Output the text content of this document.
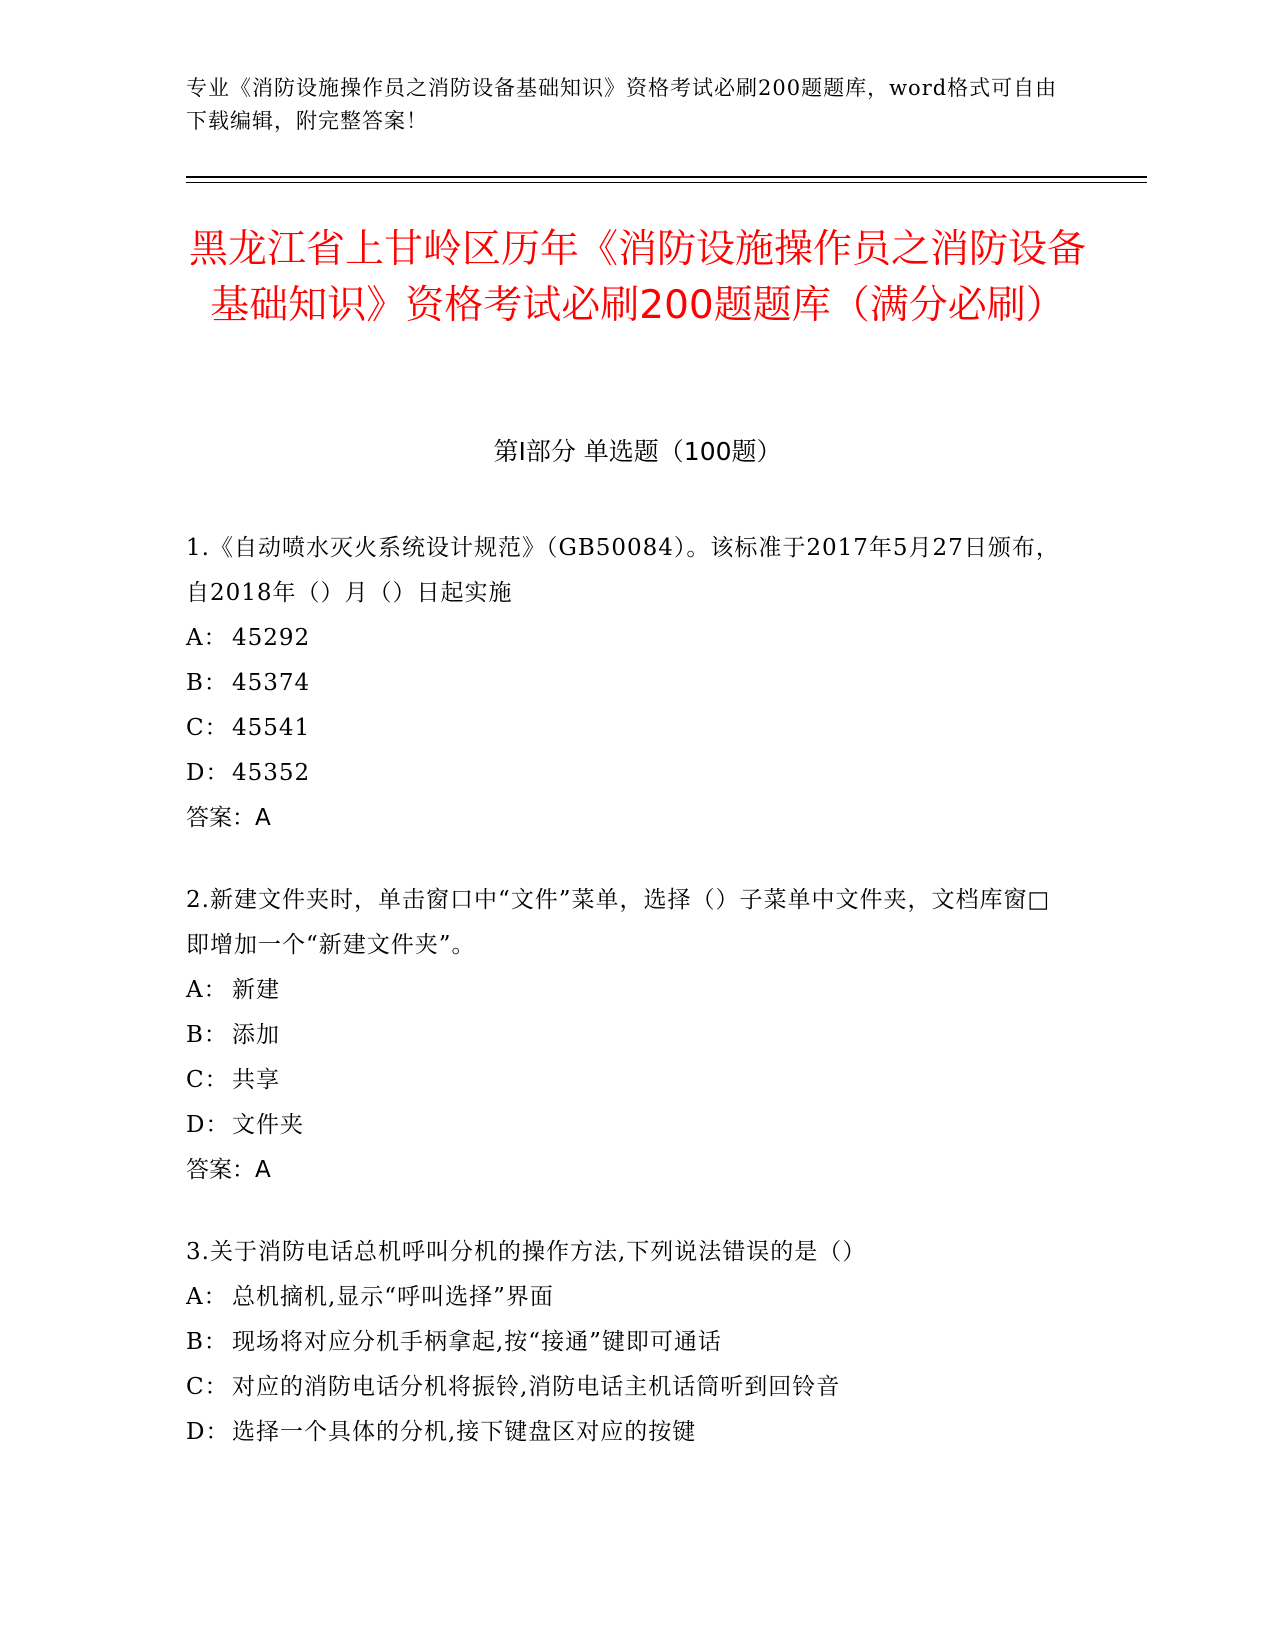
专业《消防设施操作员之消防设备基础知识》资格考试必刷200题题库，word格式可自由下载编辑，附完整答案！
黑龙江省上甘岭区历年《消防设施操作员之消防设备基础知识》资格考试必刷200题题库（满分必刷）
第Ⅰ部分 单选题（100题）

1.《自动喷水灭火系统设计规范》（GB50084）。该标准于2017年5月27日颁布，自2018年（）月（）日起实施

A： 45292

B： 45374

C： 45541

D： 45352

答案：A

2.新建文件夹时，单击窗口中“文件”菜单，选择（）子菜单中文件夹，文档库窗□即增加一个“新建文件夹”。

A： 新建

B： 添加

C： 共享

D： 文件夹

答案：A

3.关于消防电话总机呼叫分机的操作方法,下列说法错误的是（）

A： 总机摘机,显示“呼叫选择”界面

B： 现场将对应分机手柄拿起,按“接通”键即可通话

C： 对应的消防电话分机将振铃,消防电话主机话筒听到回铃音

D： 选择一个具体的分机,接下键盘区对应的按键
